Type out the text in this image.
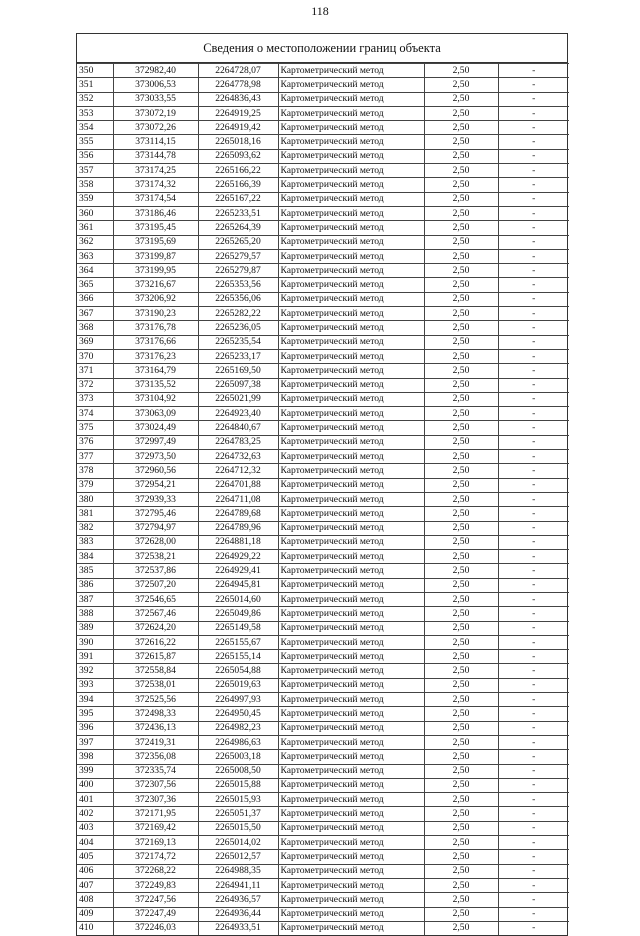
118
Сведения о местоположении границ объекта
350	372982,40	2264728,07	Картометрический метод	2,50	-
351	373006,53	2264778,98	Картометрический метод	2,50	-
352	373033,55	2264836,43	Картометрический метод	2,50	-
353	373072,19	2264919,25	Картометрический метод	2,50	-
354	373072,26	2264919,42	Картометрический метод	2,50	-
355	373114,15	2265018,16	Картометрический метод	2,50	-
356	373144,78	2265093,62	Картометрический метод	2,50	-
357	373174,25	2265166,22	Картометрический метод	2,50	-
358	373174,32	2265166,39	Картометрический метод	2,50	-
359	373174,54	2265167,22	Картометрический метод	2,50	-
360	373186,46	2265233,51	Картометрический метод	2,50	-
361	373195,45	2265264,39	Картометрический метод	2,50	-
362	373195,69	2265265,20	Картометрический метод	2,50	-
363	373199,87	2265279,57	Картометрический метод	2,50	-
364	373199,95	2265279,87	Картометрический метод	2,50	-
365	373216,67	2265353,56	Картометрический метод	2,50	-
366	373206,92	2265356,06	Картометрический метод	2,50	-
367	373190,23	2265282,22	Картометрический метод	2,50	-
368	373176,78	2265236,05	Картометрический метод	2,50	-
369	373176,66	2265235,54	Картометрический метод	2,50	-
370	373176,23	2265233,17	Картометрический метод	2,50	-
371	373164,79	2265169,50	Картометрический метод	2,50	-
372	373135,52	2265097,38	Картометрический метод	2,50	-
373	373104,92	2265021,99	Картометрический метод	2,50	-
374	373063,09	2264923,40	Картометрический метод	2,50	-
375	373024,49	2264840,67	Картометрический метод	2,50	-
376	372997,49	2264783,25	Картометрический метод	2,50	-
377	372973,50	2264732,63	Картометрический метод	2,50	-
378	372960,56	2264712,32	Картометрический метод	2,50	-
379	372954,21	2264701,88	Картометрический метод	2,50	-
380	372939,33	2264711,08	Картометрический метод	2,50	-
381	372795,46	2264789,68	Картометрический метод	2,50	-
382	372794,97	2264789,96	Картометрический метод	2,50	-
383	372628,00	2264881,18	Картометрический метод	2,50	-
384	372538,21	2264929,22	Картометрический метод	2,50	-
385	372537,86	2264929,41	Картометрический метод	2,50	-
386	372507,20	2264945,81	Картометрический метод	2,50	-
387	372546,65	2265014,60	Картометрический метод	2,50	-
388	372567,46	2265049,86	Картометрический метод	2,50	-
389	372624,20	2265149,58	Картометрический метод	2,50	-
390	372616,22	2265155,67	Картометрический метод	2,50	-
391	372615,87	2265155,14	Картометрический метод	2,50	-
392	372558,84	2265054,88	Картометрический метод	2,50	-
393	372538,01	2265019,63	Картометрический метод	2,50	-
394	372525,56	2264997,93	Картометрический метод	2,50	-
395	372498,33	2264950,45	Картометрический метод	2,50	-
396	372436,13	2264982,23	Картометрический метод	2,50	-
397	372419,31	2264986,63	Картометрический метод	2,50	-
398	372356,08	2265003,18	Картометрический метод	2,50	-
399	372335,74	2265008,50	Картометрический метод	2,50	-
400	372307,56	2265015,88	Картометрический метод	2,50	-
401	372307,36	2265015,93	Картометрический метод	2,50	-
402	372171,95	2265051,37	Картометрический метод	2,50	-
403	372169,42	2265015,50	Картометрический метод	2,50	-
404	372169,13	2265014,02	Картометрический метод	2,50	-
405	372174,72	2265012,57	Картометрический метод	2,50	-
406	372268,22	2264988,35	Картометрический метод	2,50	-
407	372249,83	2264941,11	Картометрический метод	2,50	-
408	372247,56	2264936,57	Картометрический метод	2,50	-
409	372247,49	2264936,44	Картометрический метод	2,50	-
410	372246,03	2264933,51	Картометрический метод	2,50	-
